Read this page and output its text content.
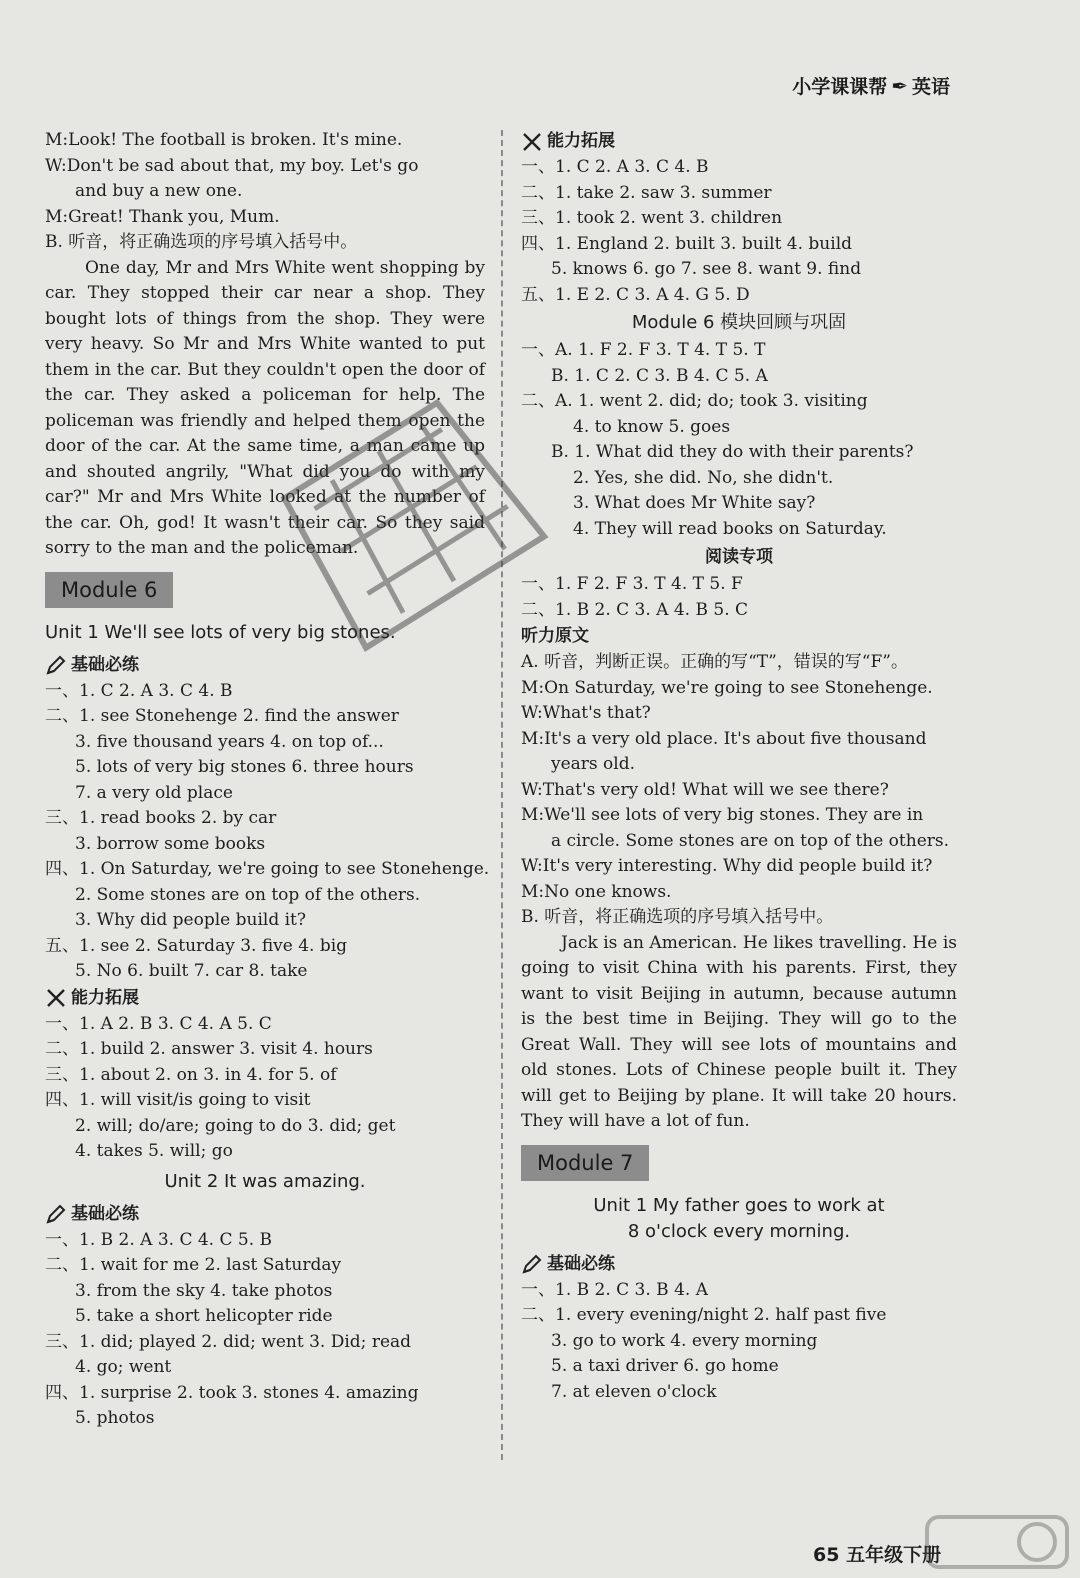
小学课课帮 ✒ 英语
M:Look! The football is broken. It's mine.
W:Don't be sad about that, my boy. Let's go
and buy a new one.
M:Great! Thank you, Mum.
B. 听音，将正确选项的序号填入括号中。
One day, Mr and Mrs White went shopping by car. They stopped their car near a shop. They bought lots of things from the shop. They were very heavy. So Mr and Mrs White wanted to put them in the car. But they couldn't open the door of the car. They asked a policeman for help. The policeman was friendly and helped them open the door of the car. At the same time, a man came up and shouted angrily, "What did you do with my car?" Mr and Mrs White looked at the number of the car. Oh, god! It wasn't their car. So they said sorry to the man and the policeman.
Module 6
Unit 1 We'll see lots of very big stones.
基础必练
一、1. C 2. A 3. C 4. B
二、1. see Stonehenge 2. find the answer
3. five thousand years 4. on top of...
5. lots of very big stones 6. three hours
7. a very old place
三、1. read books 2. by car
3. borrow some books
四、1. On Saturday, we're going to see Stonehenge.
2. Some stones are on top of the others.
3. Why did people build it?
五、1. see 2. Saturday 3. five 4. big
5. No 6. built 7. car 8. take
能力拓展
一、1. A 2. B 3. C 4. A 5. C
二、1. build 2. answer 3. visit 4. hours
三、1. about 2. on 3. in 4. for 5. of
四、1. will visit/is going to visit
2. will; do/are; going to do 3. did; get
4. takes 5. will; go
Unit 2 It was amazing.
基础必练
一、1. B 2. A 3. C 4. C 5. B
二、1. wait for me 2. last Saturday
3. from the sky 4. take photos
5. take a short helicopter ride
三、1. did; played 2. did; went 3. Did; read
4. go; went
四、1. surprise 2. took 3. stones 4. amazing
5. photos
能力拓展
一、1. C 2. A 3. C 4. B
二、1. take 2. saw 3. summer
三、1. took 2. went 3. children
四、1. England 2. built 3. built 4. build
5. knows 6. go 7. see 8. want 9. find
五、1. E 2. C 3. A 4. G 5. D
Module 6 模块回顾与巩固
一、A. 1. F 2. F 3. T 4. T 5. T
B. 1. C 2. C 3. B 4. C 5. A
二、A. 1. went 2. did; do; took 3. visiting
4. to know 5. goes
B. 1. What did they do with their parents?
2. Yes, she did. No, she didn't.
3. What does Mr White say?
4. They will read books on Saturday.
阅读专项
一、1. F 2. F 3. T 4. T 5. F
二、1. B 2. C 3. A 4. B 5. C
听力原文
A. 听音，判断正误。正确的写“T”，错误的写“F”。
M:On Saturday, we're going to see Stonehenge.
W:What's that?
M:It's a very old place. It's about five thousand
years old.
W:That's very old! What will we see there?
M:We'll see lots of very big stones. They are in
a circle. Some stones are on top of the others.
W:It's very interesting. Why did people build it?
M:No one knows.
B. 听音，将正确选项的序号填入括号中。
Jack is an American. He likes travelling. He is going to visit China with his parents. First, they want to visit Beijing in autumn, because autumn is the best time in Beijing. They will go to the Great Wall. They will see lots of mountains and old stones. Lots of Chinese people built it. They will get to Beijing by plane. It will take 20 hours. They will have a lot of fun.
Module 7
Unit 1 My father goes to work at
8 o'clock every morning.
基础必练
一、1. B 2. C 3. B 4. A
二、1. every evening/night 2. half past five
3. go to work 4. every morning
5. a taxi driver 6. go home
7. at eleven o'clock
65 五年级下册
